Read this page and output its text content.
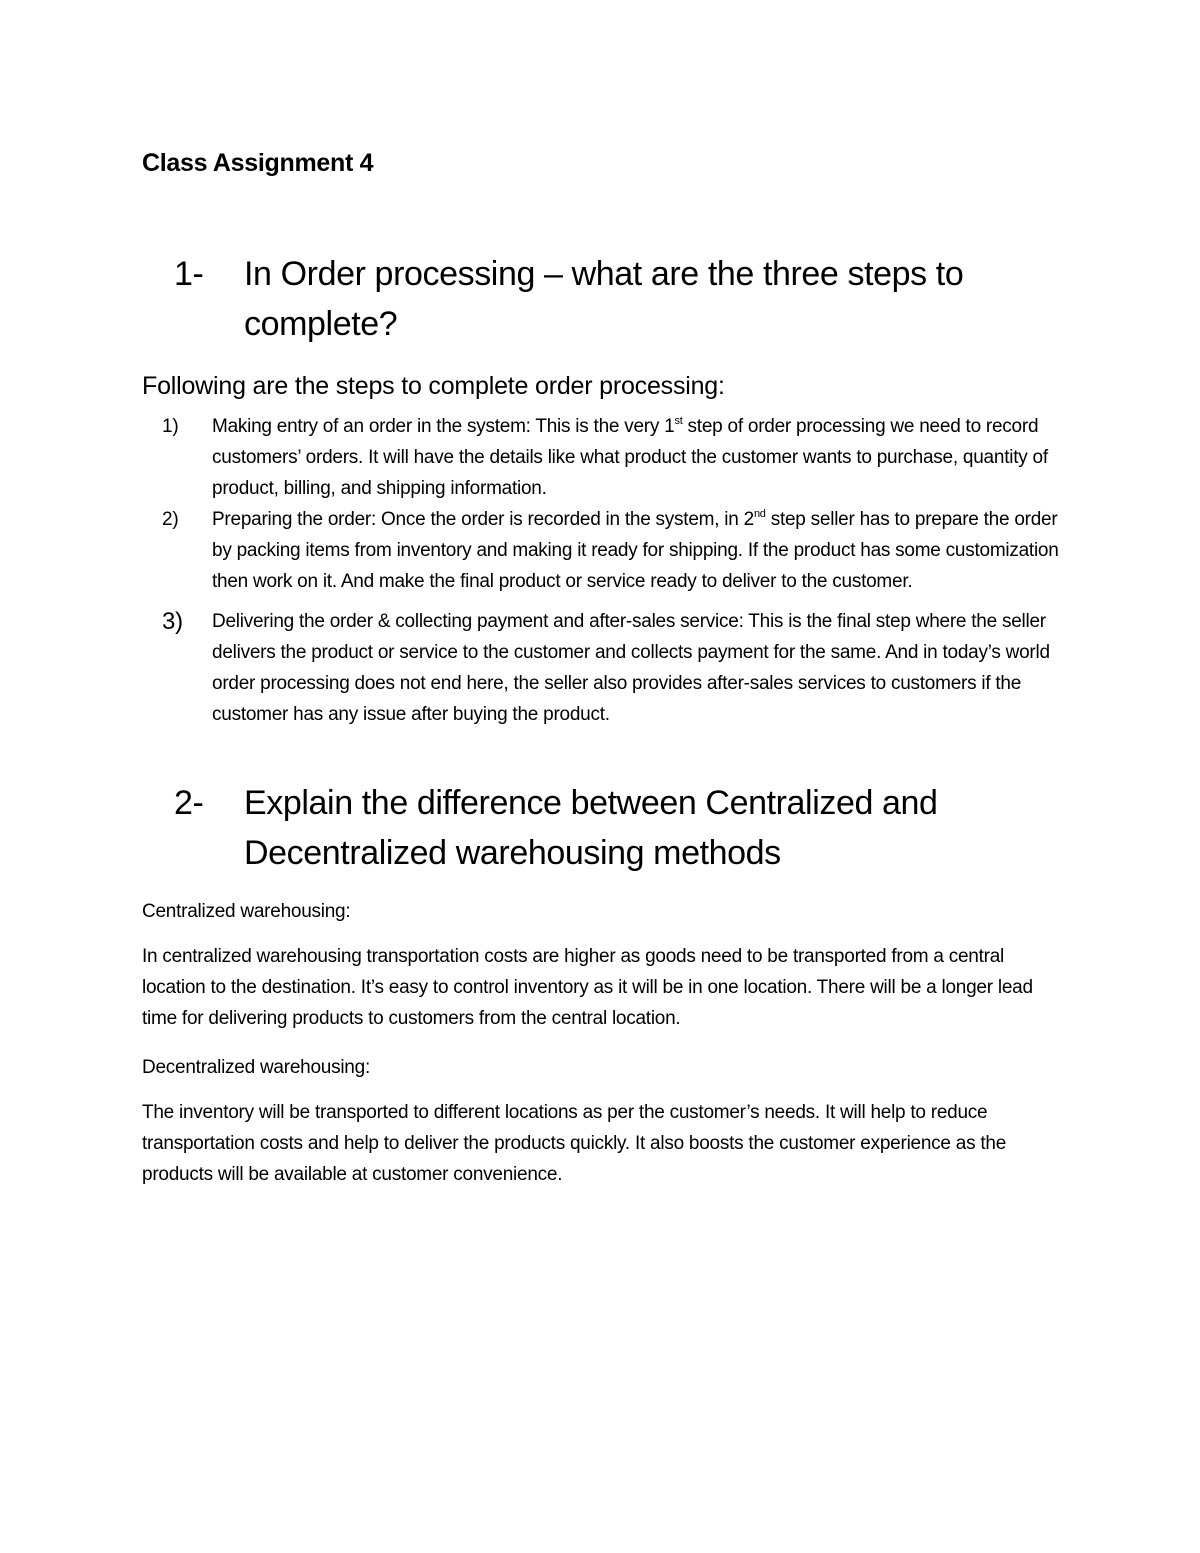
Class Assignment 4
1-	In Order processing – what are the three steps to complete?
Following are the steps to complete order processing:
1)	Making entry of an order in the system: This is the very 1st step of order processing we need to record customers’ orders. It will have the details like what product the customer wants to purchase, quantity of product, billing, and shipping information.
2)	Preparing the order: Once the order is recorded in the system, in 2nd step seller has to prepare the order by packing items from inventory and making it ready for shipping. If the product has some customization then work on it. And make the final product or service ready to deliver to the customer.
3)	Delivering the order & collecting payment and after-sales service: This is the final step where the seller delivers the product or service to the customer and collects payment for the same. And in today’s world order processing does not end here, the seller also provides after-sales services to customers if the customer has any issue after buying the product.
2-	Explain the difference between Centralized and Decentralized warehousing methods

Centralized warehousing:

In centralized warehousing transportation costs are higher as goods need to be transported from a central location to the destination. It’s easy to control inventory as it will be in one location. There will be a longer lead time for delivering products to customers from the central location.

Decentralized warehousing:

The inventory will be transported to different locations as per the customer’s needs. It will help to reduce transportation costs and help to deliver the products quickly. It also boosts the customer experience as the products will be available at customer convenience.
